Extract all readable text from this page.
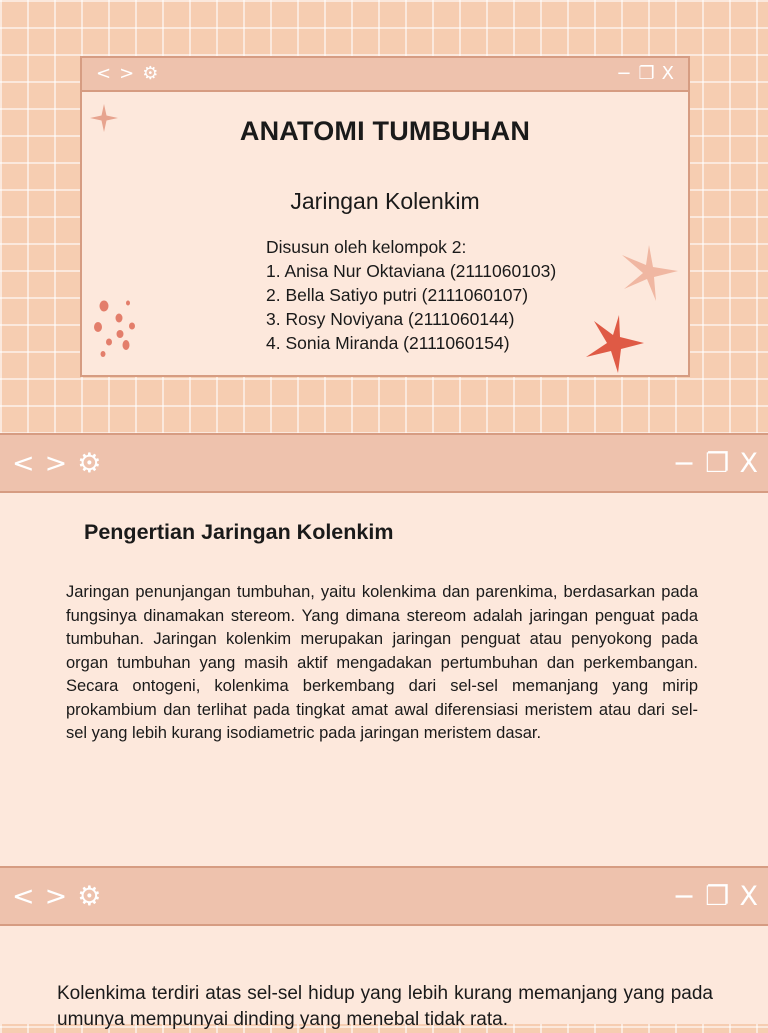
< > ⚙	− ❐ X
ANATOMI TUMBUHAN
Jaringan Kolenkim
Disusun oleh kelompok 2:
1. Anisa Nur Oktaviana (2111060103)
2. Bella Satiyo putri (2111060107)
3. Rosy Noviyana (2111060144)
4. Sonia Miranda (2111060154)
< > ⚙	− ❐ X
Pengertian Jaringan Kolenkim

Jaringan penunjangan tumbuhan, yaitu kolenkima dan parenkima, berdasarkan pada fungsinya dinamakan stereom. Yang dimana stereom adalah jaringan penguat pada tumbuhan. Jaringan kolenkim merupakan jaringan penguat atau penyokong pada organ tumbuhan yang masih aktif mengadakan pertumbuhan dan perkembangan. Secara ontogeni, kolenkima berkembang dari sel-sel memanjang yang mirip prokambium dan terlihat pada tingkat amat awal diferensiasi meristem atau dari sel-sel yang lebih kurang isodiametric pada jaringan meristem dasar.

< > ⚙	− ❐ X

Kolenkima terdiri atas sel-sel hidup yang lebih kurang memanjang yang pada umunya mempunyai dinding yang menebal tidak rata.
